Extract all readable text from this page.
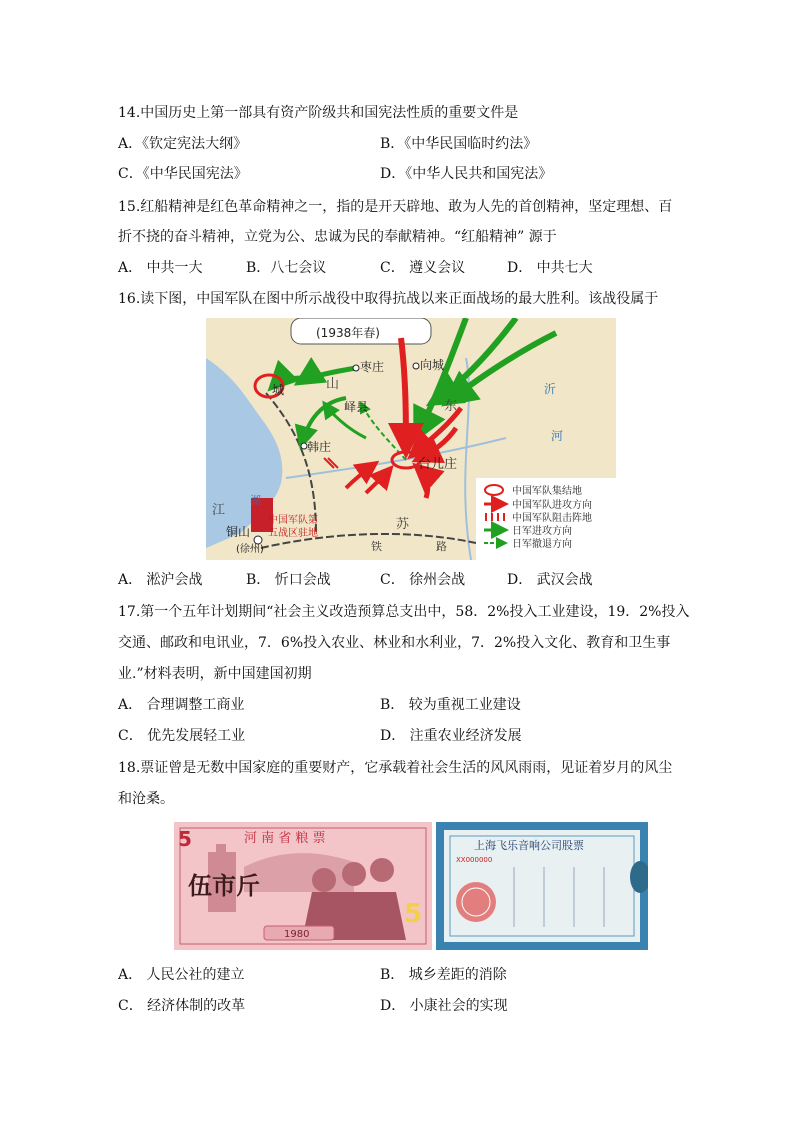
14.中国历史上第一部具有资产阶级共和国宪法性质的重要文件是
A．《钦定宪法大纲》	B．《中华民国临时约法》
C．《中华民国宪法》	D．《中华人民共和国宪法》
15.红船精神是红色革命精神之一，指的是开天辟地、敢为人先的首创精神，坚定理想、百
折不挠的奋斗精神，立党为公、忠诚为民的奉献精神。“红船精神” 源于
A． 中共一大	B．八七会议	C． 遵义会议	D． 中共七大
16.读下图，中国军队在图中所示战役中取得抗战以来正面战场的最大胜利。该战役属于
(1938年春)
城
枣庄
峄县
向城
韩庄
台儿庄
铜山
(徐州)
中国军队第
五战区驻地
山
东
江
苏
沂
河
湖
铁	路
中国军队集结地
中国军队进攻方向
中国军队阻击阵地
日军进攻方向
日军撤退方向
A． 淞沪会战	B． 忻口会战	C． 徐州会战	D． 武汉会战
17.第一个五年计划期间“社会主义改造预算总支出中，58．2%投入工业建设，19．2%投入
交通、邮政和电讯业，7．6%投入农业、林业和水利业，7．2%投入文化、教育和卫生事
业.”材料表明，新中国建国初期
A． 合理调整工商业	B． 较为重视工业建设
C． 优先发展轻工业	D． 注重农业经济发展
18.票证曾是无数中国家庭的重要财产，它承载着社会生活的风风雨雨，见证着岁月的风尘
和沧桑。
5	河 南 省 粮 票
伍市斤
1980
5
上海飞乐音响公司股票
XX000000
A． 人民公社的建立	B． 城乡差距的消除
C． 经济体制的改革	D． 小康社会的实现
